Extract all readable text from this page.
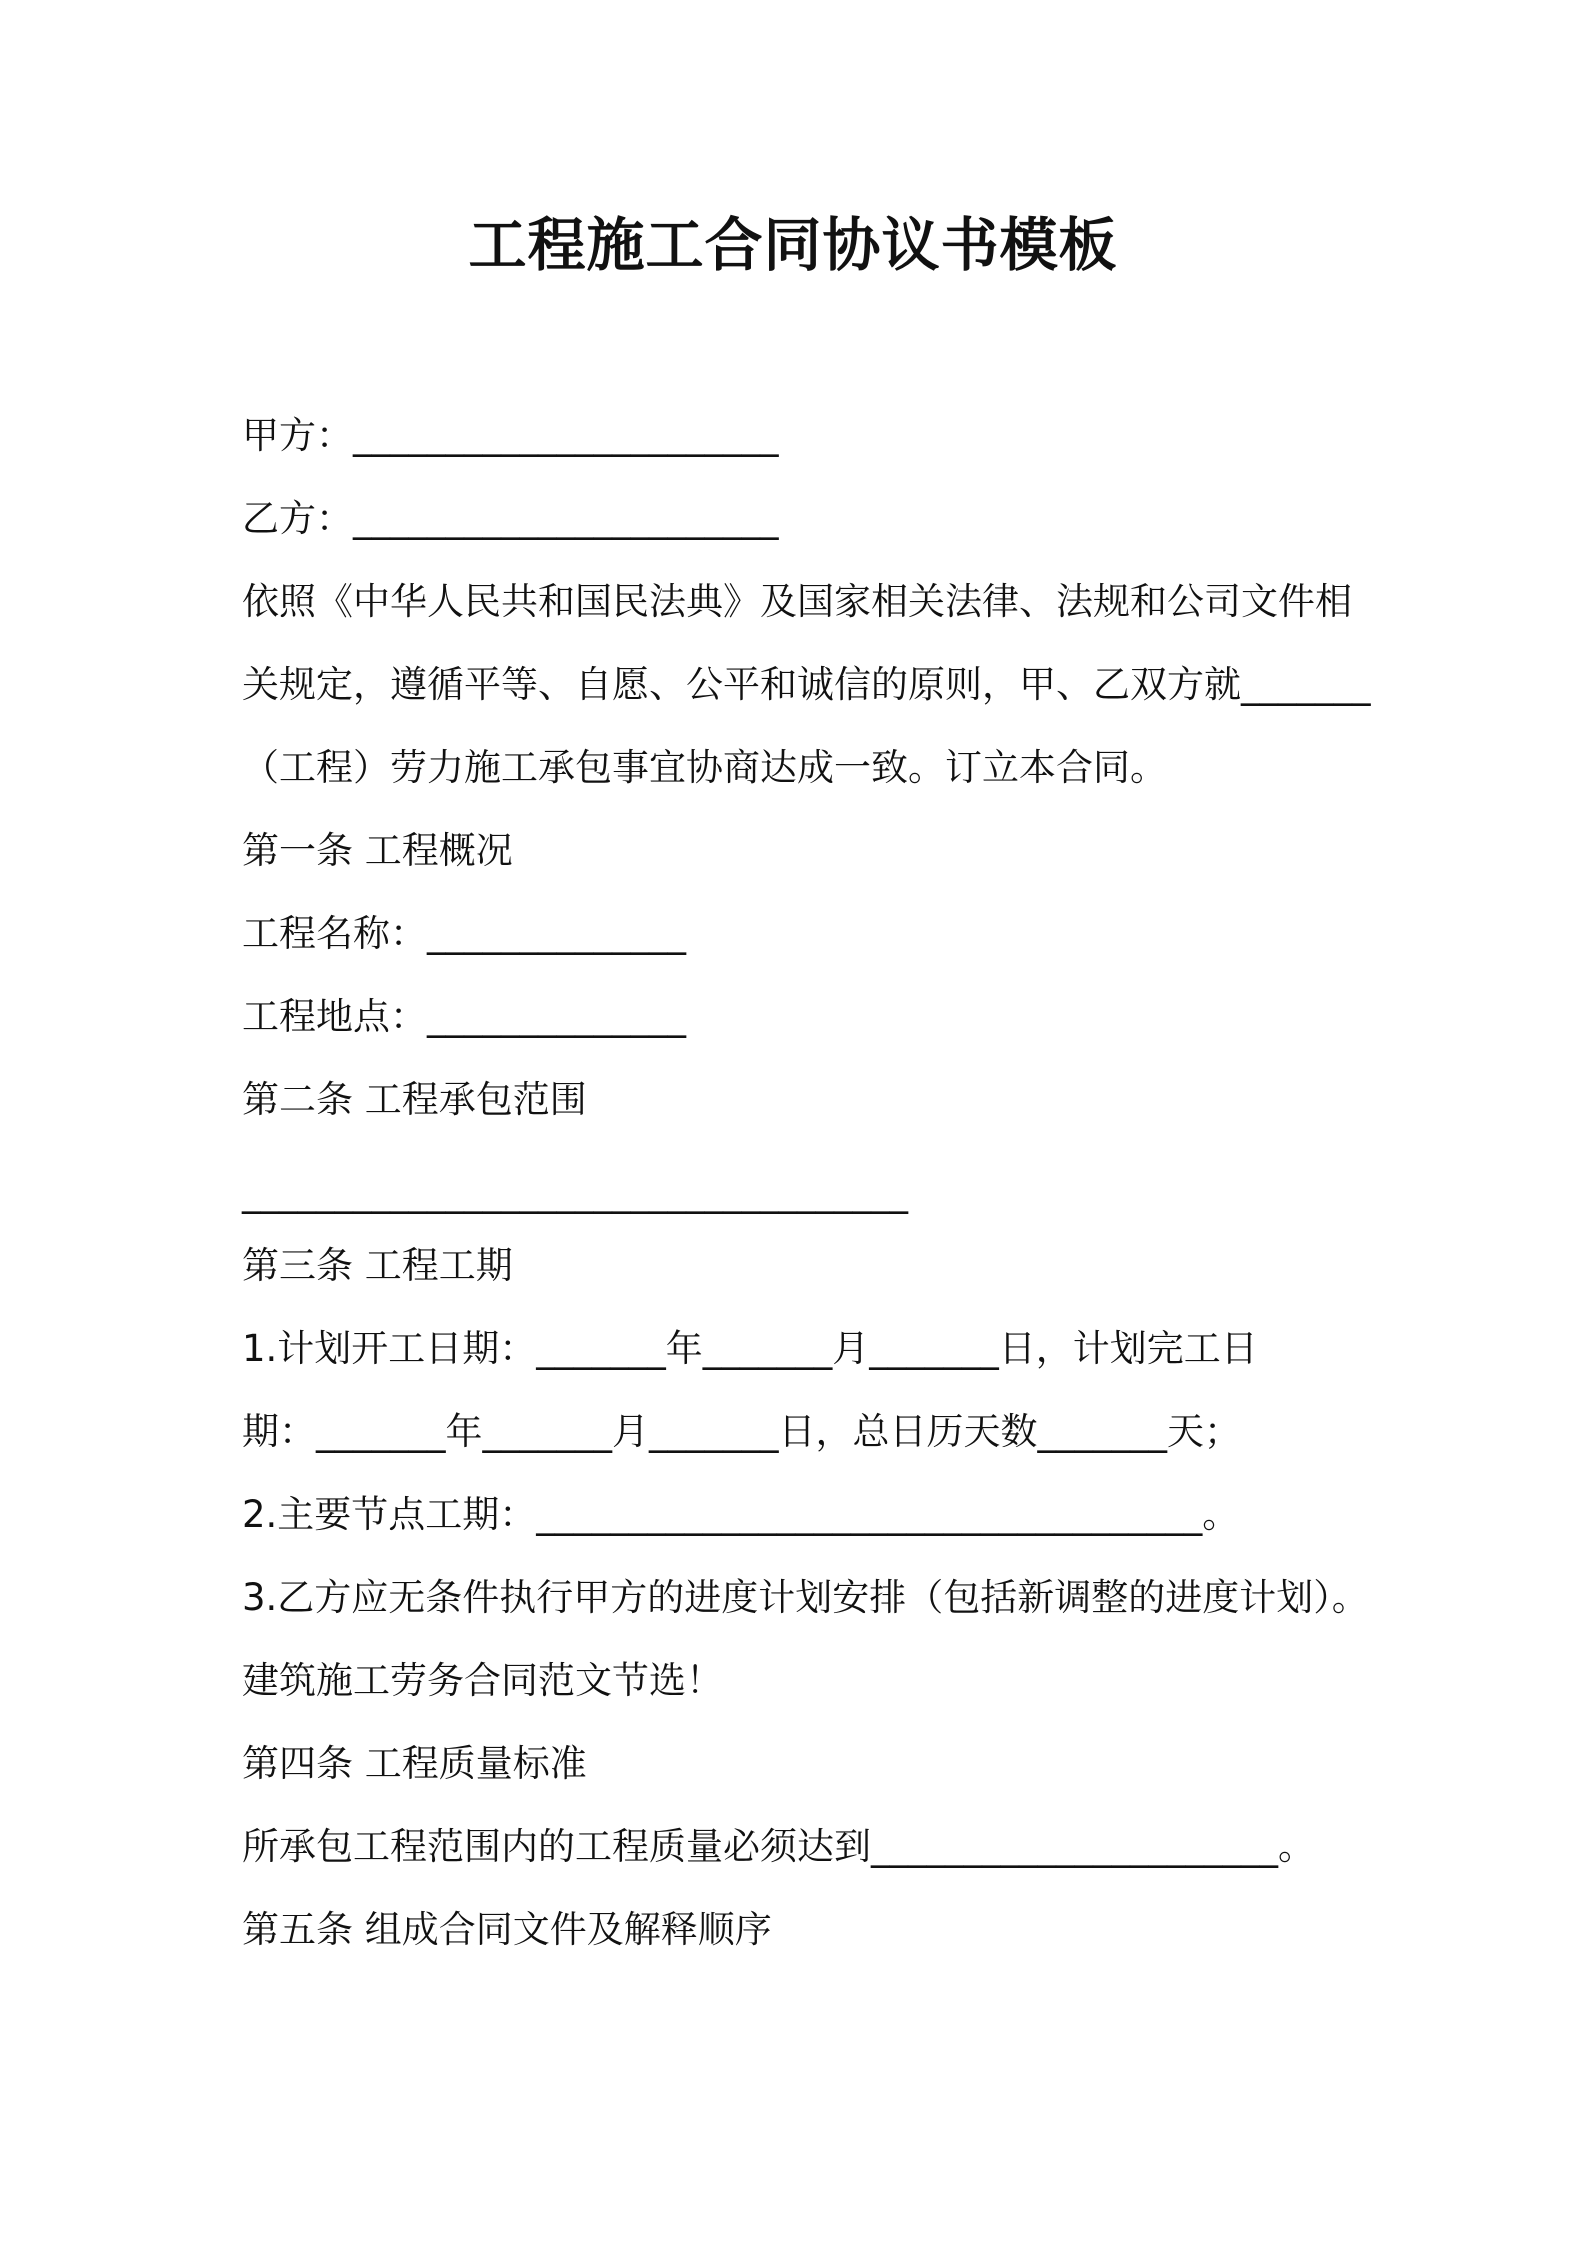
工程施工合同协议书模板
甲方：_______________________
乙方：_______________________
依照《中华人民共和国民法典》及国家相关法律、法规和公司文件相
关规定，遵循平等、自愿、公平和诚信的原则，甲、乙双方就_______
（工程）劳力施工承包事宜协商达成一致。订立本合同。
第一条 工程概况
工程名称：______________
工程地点：______________
第二条 工程承包范围
____________________________________
第三条 工程工期
1.计划开工日期：_______年_______月_______日，计划完工日
期：_______年_______月_______日，总日历天数_______天；
2.主要节点工期：____________________________________。
3.乙方应无条件执行甲方的进度计划安排（包括新调整的进度计划）。
建筑施工劳务合同范文节选！
第四条 工程质量标准
所承包工程范围内的工程质量必须达到______________________。
第五条 组成合同文件及解释顺序
